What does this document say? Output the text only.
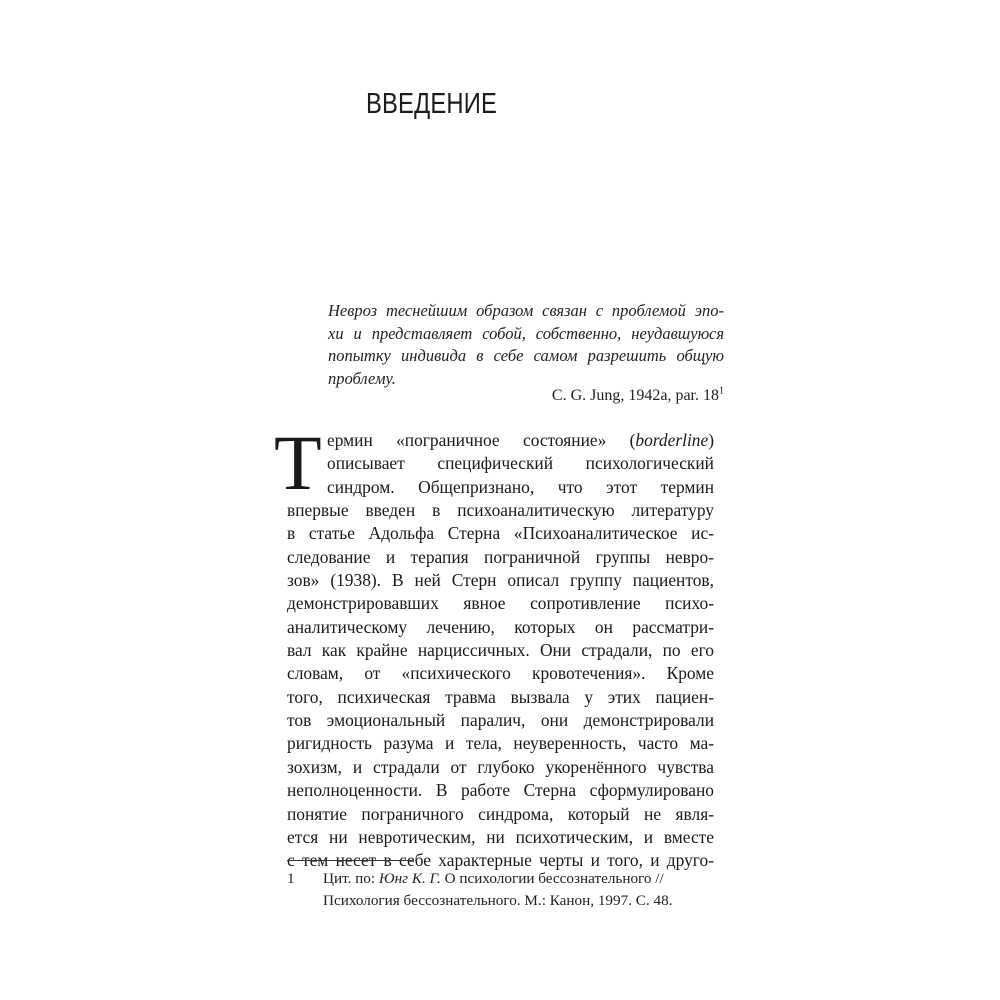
ВВЕДЕНИЕ
Невроз теснейшим образом связан с проблемой эпо-
хи и представляет собой, собственно, неудавшуюся
попытку индивида в себе самом разрешить общую
проблему.
C. G. Jung, 1942a, par. $18^1$
Т ермин «пограничное состояние» (borderline)
описывает специфический психологический
синдром. Общепризнано, что этот термин
впервые введен в психоаналитическую литературу
в статье Адольфа Стерна «Психоаналитическое ис-
следование и терапия пограничной группы невро-
зов» (1938). В ней Стерн описал группу пациентов,
демонстрировавших явное сопротивление психо-
аналитическому лечению, которых он рассматри-
вал как крайне нарциссичных. Они страдали, по его
словам, от «психического кровотечения». Кроме
того, психическая травма вызвала у этих пациен-
тов эмоциональный паралич, они демонстрировали
ригидность разума и тела, неуверенность, часто ма-
зохизм, и страдали от глубоко укоренённого чувства
неполноценности. В работе Стерна сформулировано
понятие пограничного синдрома, который не явля-
ется ни невротическим, ни психотическим, и вместе
с тем несет в себе характерные черты и того, и друго-
1 Цит. по: Юнг К. Г. О психологии бессознательного //
Психология бессознательного. М.: Канон, 1997. С. 48.
